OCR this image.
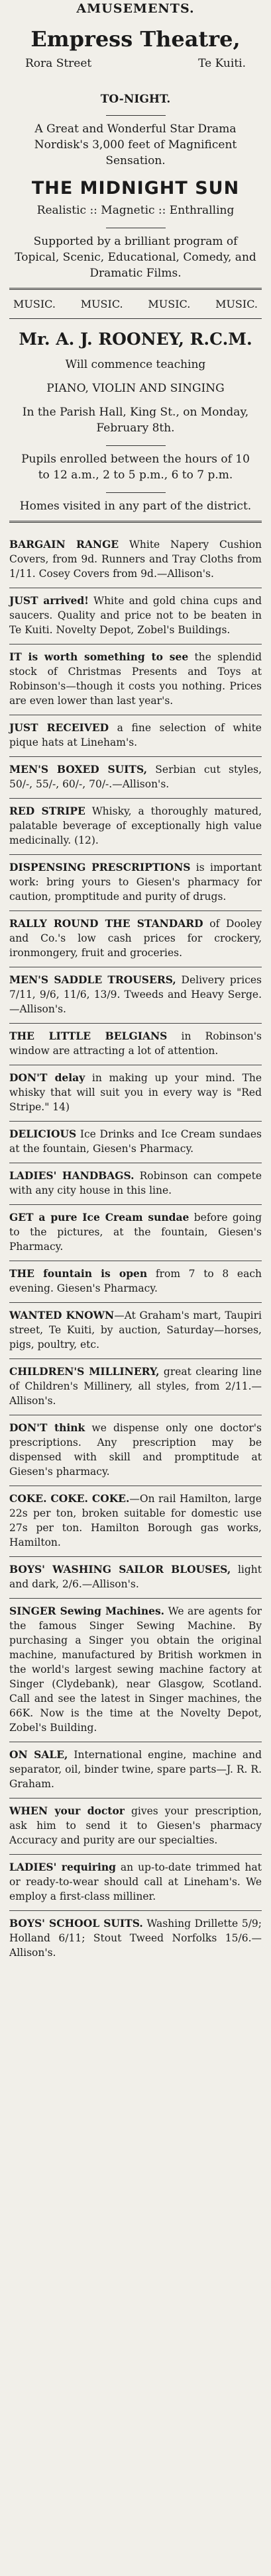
AMUSEMENTS.
Empress Theatre,
Rora Street	Te Kuiti.
TO-NIGHT.
A Great and Wonderful Star Drama Nordisk's 3,000 feet of Magnificent Sensation.
THE MIDNIGHT SUN
Realistic :: Magnetic :: Enthralling
Supported by a brilliant program of Topical, Scenic, Educational, Comedy, and Dramatic Films.
MUSIC. MUSIC. MUSIC. MUSIC.
Mr. A. J. ROONEY, R.C.M.
Will commence teaching
PIANO, VIOLIN AND SINGING
In the Parish Hall, King St., on Monday, February 8th.
Pupils enrolled between the hours of 10 to 12 a.m., 2 to 5 p.m., 6 to 7 p.m.
Homes visited in any part of the district.

BARGAIN RANGE White Napery Cushion Covers, from 9d. Runners and Tray Cloths from 1/11. Cosey Covers from 9d.—Allison's.

JUST arrived! White and gold china cups and saucers. Quality and price not to be beaten in Te Kuiti. Novelty Depot, Zobel's Buildings.

IT is worth something to see the splendid stock of Christmas Presents and Toys at Robinson's—though it costs you nothing. Prices are even lower than last year's.

JUST RECEIVED a fine selection of white pique hats at Lineham's.

MEN'S BOXED SUITS, Serbian cut styles, 50/-, 55/-, 60/-, 70/-.—Allison's.

RED STRIPE Whisky, a thoroughly matured, palatable beverage of exceptionally high value medicinally. (12).

DISPENSING PRESCRIPTIONS is important work: bring yours to Giesen's pharmacy for caution, promptitude and purity of drugs.

RALLY ROUND THE STANDARD of Dooley and Co.'s low cash prices for crockery, ironmongery, fruit and groceries.

MEN'S SADDLE TROUSERS, Delivery prices 7/11, 9/6, 11/6, 13/9. Tweeds and Heavy Serge.—Allison's.

THE LITTLE BELGIANS in Robinson's window are attracting a lot of attention.

DON'T delay in making up your mind. The whisky that will suit you in every way is "Red Stripe." 14)

DELICIOUS Ice Drinks and Ice Cream sundaes at the fountain, Giesen's Pharmacy.

LADIES' HANDBAGS. Robinson can compete with any city house in this line.

GET a pure Ice Cream sundae before going to the pictures, at the fountain, Giesen's Pharmacy.

THE fountain is open from 7 to 8 each evening. Giesen's Pharmacy.

WANTED KNOWN—At Graham's mart, Taupiri street, Te Kuiti, by auction, Saturday—horses, pigs, poultry, etc.

CHILDREN'S MILLINERY, great clearing line of Children's Millinery, all styles, from 2/11.—Allison's.

DON'T think we dispense only one doctor's prescriptions. Any prescription may be dispensed with skill and promptitude at Giesen's pharmacy.

COKE. COKE. COKE.—On rail Hamilton, large 22s per ton, broken suitable for domestic use 27s per ton. Hamilton Borough gas works, Hamilton.

BOYS' WASHING SAILOR BLOUSES, light and dark, 2/6.—Allison's.

SINGER Sewing Machines. We are agents for the famous Singer Sewing Machine. By purchasing a Singer you obtain the original machine, manufactured by British workmen in the world's largest sewing machine factory at Singer (Clydebank), near Glasgow, Scotland. Call and see the latest in Singer machines, the 66K. Now is the time at the Novelty Depot, Zobel's Building.

ON SALE, International engine, machine and separator, oil, binder twine, spare parts—J. R. R. Graham.

WHEN your doctor gives your prescription, ask him to send it to Giesen's pharmacy Accuracy and purity are our specialties.

LADIES' requiring an up-to-date trimmed hat or ready-to-wear should call at Lineham's. We employ a first-class milliner.

BOYS' SCHOOL SUITS. Washing Drillette 5/9; Holland 6/11; Stout Tweed Norfolks 15/6.—Allison's.
